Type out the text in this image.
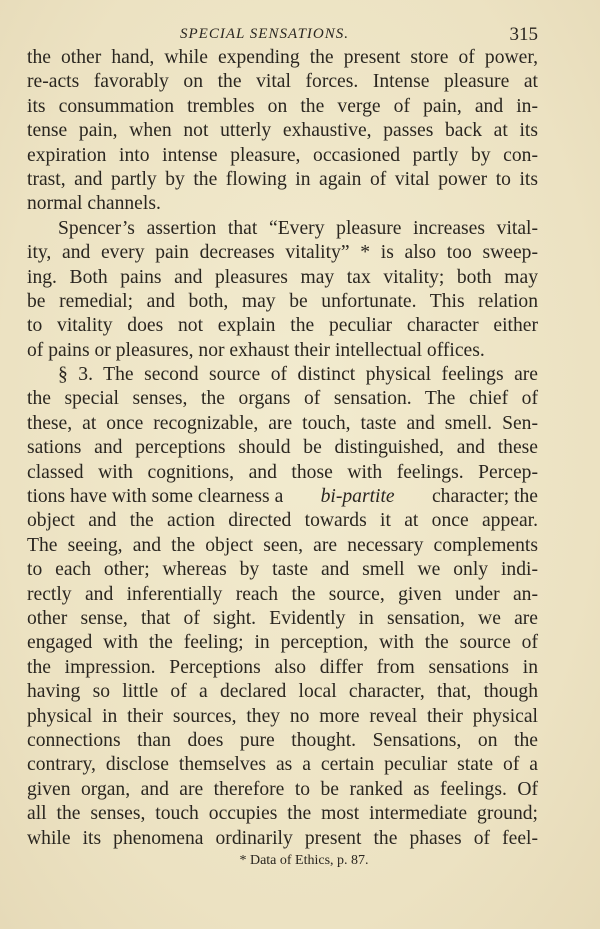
SPECIAL SENSATIONS.	315
the other hand, while expending the present store of power,
re-acts favorably on the vital forces. Intense pleasure at
its consummation trembles on the verge of pain, and in-
tense pain, when not utterly exhaustive, passes back at its
expiration into intense pleasure, occasioned partly by con-
trast, and partly by the flowing in again of vital power to its
normal channels.
Spencer’s assertion that “Every pleasure increases vital-
ity, and every pain decreases vitality” * is also too sweep-
ing. Both pains and pleasures may tax vitality; both may
be remedial; and both, may be unfortunate. This relation
to vitality does not explain the peculiar character either
of pains or pleasures, nor exhaust their intellectual offices.
§ 3. The second source of distinct physical feelings are
the special senses, the organs of sensation. The chief of
these, at once recognizable, are touch, taste and smell. Sen-
sations and perceptions should be distinguished, and these
classed with cognitions, and those with feelings. Percep-
tions have with some clearness a bi-partite character; the
object and the action directed towards it at once appear.
The seeing, and the object seen, are necessary complements
to each other; whereas by taste and smell we only indi-
rectly and inferentially reach the source, given under an-
other sense, that of sight. Evidently in sensation, we are
engaged with the feeling; in perception, with the source of
the impression. Perceptions also differ from sensations in
having so little of a declared local character, that, though
physical in their sources, they no more reveal their physical
connections than does pure thought. Sensations, on the
contrary, disclose themselves as a certain peculiar state of a
given organ, and are therefore to be ranked as feelings. Of
all the senses, touch occupies the most intermediate ground;
while its phenomena ordinarily present the phases of feel-
* Data of Ethics, p. 87.
